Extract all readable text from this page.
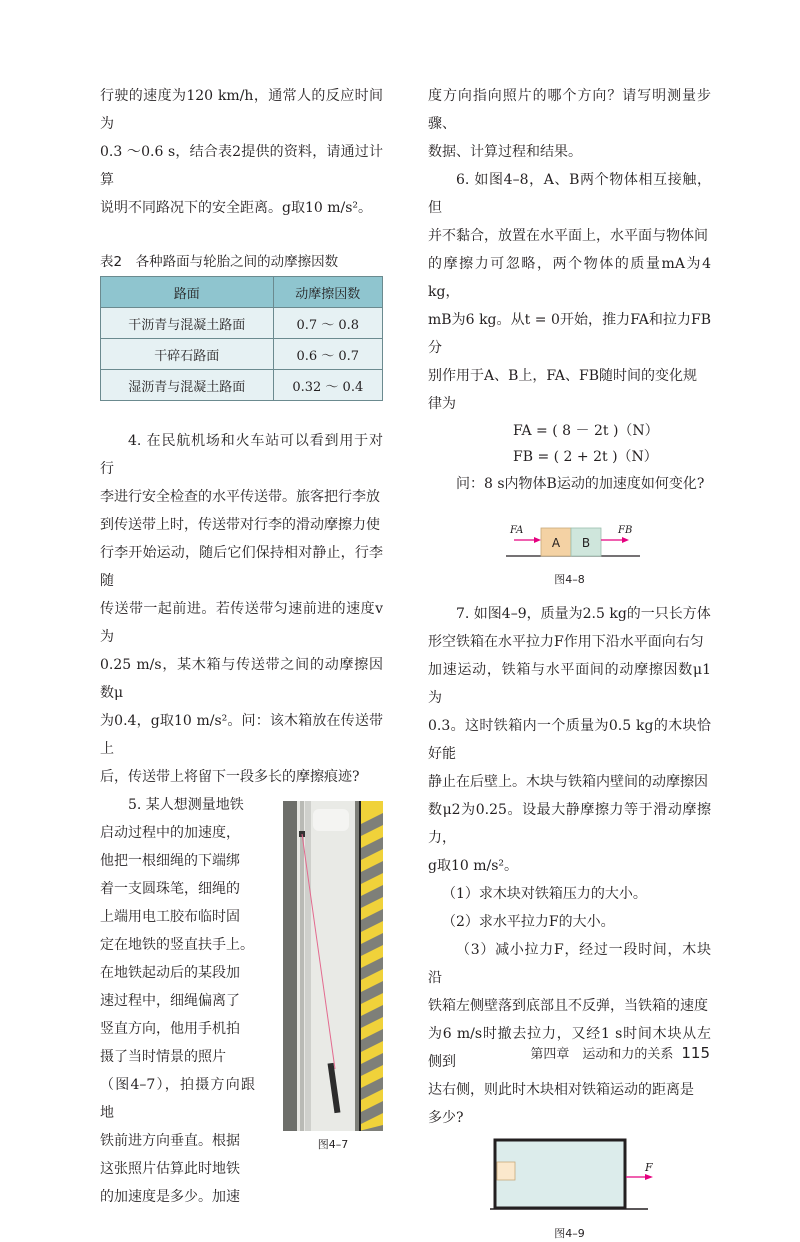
行驶的速度为120 km/h，通常人的反应时间为

0.3 ～0.6 s，结合表2提供的资料，请通过计算

说明不同路况下的安全距离。g取10 m/s²。

表2　各种路面与轮胎之间的动摩擦因数
路面	动摩擦因数
干沥青与混凝土路面	0.7 ～ 0.8
干碎石路面	0.6 ～ 0.7
湿沥青与混凝土路面	0.32 ～ 0.4

4. 在民航机场和火车站可以看到用于对行

李进行安全检查的水平传送带。旅客把行李放

到传送带上时，传送带对行李的滑动摩擦力使

行李开始运动，随后它们保持相对静止，行李随

传送带一起前进。若传送带匀速前进的速度v为

0.25 m/s，某木箱与传送带之间的动摩擦因数μ

为0.4，g取10 m/s²。问：该木箱放在传送带上

后，传送带上将留下一段多长的摩擦痕迹?

5. 某人想测量地铁

启动过程中的加速度，

他把一根细绳的下端绑

着一支圆珠笔，细绳的

上端用电工胶布临时固

定在地铁的竖直扶手上。

在地铁起动后的某段加

速过程中，细绳偏离了

竖直方向，他用手机拍

摄了当时情景的照片

（图4–7），拍摄方向跟地

铁前进方向垂直。根据

这张照片估算此时地铁

的加速度是多少。加速

图4–7

度方向指向照片的哪个方向？请写明测量步骤、

数据、计算过程和结果。

6. 如图4–8，A、B两个物体相互接触，但

并不黏合，放置在水平面上，水平面与物体间

的摩擦力可忽略，两个物体的质量mA为4 kg，

mB为6 kg。从t = 0开始，推力FA和拉力FB分

别作用于A、B上，FA、FB随时间的变化规

律为

FA = ( 8 － 2t )（N）
FB = ( 2 + 2t )（N）

问：8 s内物体B运动的加速度如何变化?

A B
FA	FB
图4–8

7. 如图4–9，质量为2.5 kg的一只长方体

形空铁箱在水平拉力F作用下沿水平面向右匀

加速运动，铁箱与水平面间的动摩擦因数μ1为

0.3。这时铁箱内一个质量为0.5 kg的木块恰好能

静止在后壁上。木块与铁箱内壁间的动摩擦因

数μ2为0.25。设最大静摩擦力等于滑动摩擦力，

g取10 m/s²。

（1）求木块对铁箱压力的大小。

（2）求水平拉力F的大小。

（3）减小拉力F，经过一段时间，木块沿

铁箱左侧壁落到底部且不反弹，当铁箱的速度

为6 m/s时撤去拉力，又经1 s时间木块从左侧到

达右侧，则此时木块相对铁箱运动的距离是

多少?

F
图4–9
第四章　运动和力的关系 115
